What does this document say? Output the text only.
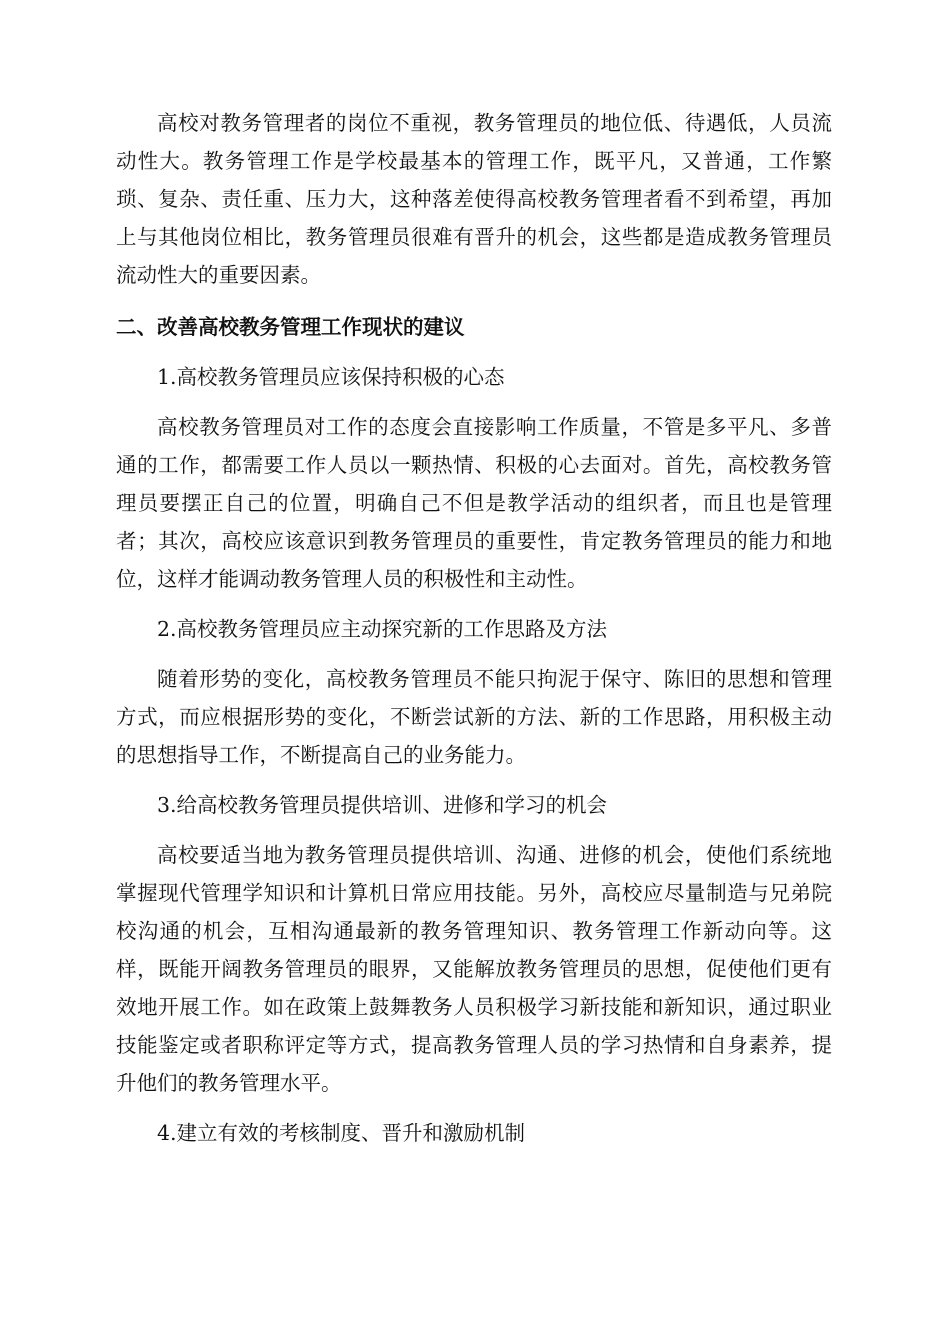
高校对教务管理者的岗位不重视，教务管理员的地位低、待遇低，人员流动性大。教务管理工作是学校最基本的管理工作，既平凡，又普通，工作繁琐、复杂、责任重、压力大，这种落差使得高校教务管理者看不到希望，再加上与其他岗位相比，教务管理员很难有晋升的机会，这些都是造成教务管理员流动性大的重要因素。

二、改善高校教务管理工作现状的建议

1.高校教务管理员应该保持积极的心态

高校教务管理员对工作的态度会直接影响工作质量，不管是多平凡、多普通的工作，都需要工作人员以一颗热情、积极的心去面对。首先，高校教务管理员要摆正自己的位置，明确自己不但是教学活动的组织者，而且也是管理者；其次，高校应该意识到教务管理员的重要性，肯定教务管理员的能力和地位，这样才能调动教务管理人员的积极性和主动性。

2.高校教务管理员应主动探究新的工作思路及方法

随着形势的变化，高校教务管理员不能只拘泥于保守、陈旧的思想和管理方式，而应根据形势的变化，不断尝试新的方法、新的工作思路，用积极主动的思想指导工作，不断提高自己的业务能力。

3.给高校教务管理员提供培训、进修和学习的机会

高校要适当地为教务管理员提供培训、沟通、进修的机会，使他们系统地掌握现代管理学知识和计算机日常应用技能。另外，高校应尽量制造与兄弟院校沟通的机会，互相沟通最新的教务管理知识、教务管理工作新动向等。这样，既能开阔教务管理员的眼界，又能解放教务管理员的思想，促使他们更有效地开展工作。如在政策上鼓舞教务人员积极学习新技能和新知识，通过职业技能鉴定或者职称评定等方式，提高教务管理人员的学习热情和自身素养，提升他们的教务管理水平。

4.建立有效的考核制度、晋升和激励机制
